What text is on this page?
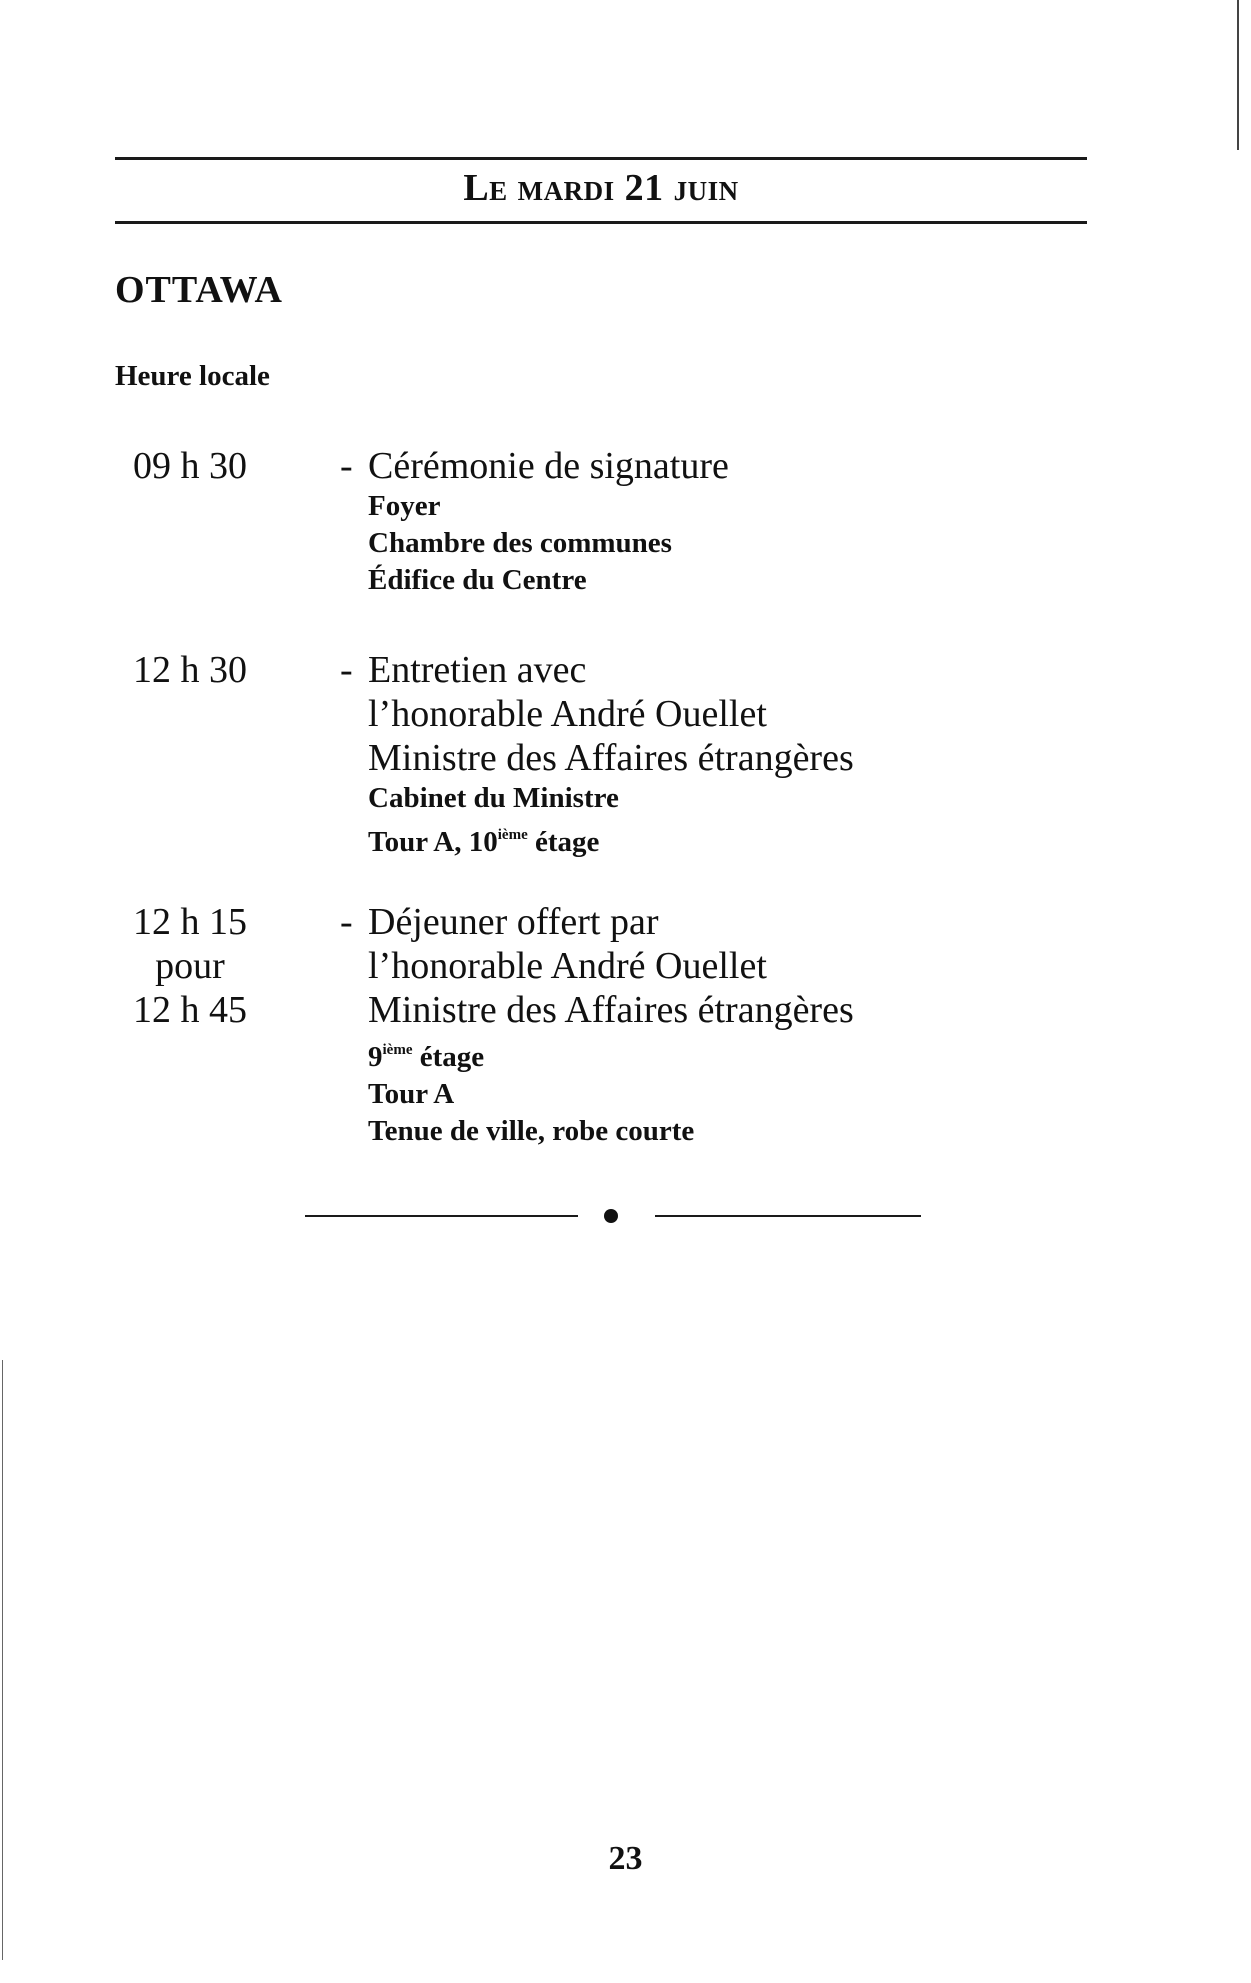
Le mardi 21 juin
OTTAWA
Heure locale
09 h 30	- Cérémonie de signature
Foyer
Chambre des communes
Édifice du Centre
12 h 30	- Entretien avec
l’honorable André Ouellet
Ministre des Affaires étrangères
Cabinet du Ministre
Tour A, 10ième étage
12 h 15
pour
12 h 45
- Déjeuner offert par
l’honorable André Ouellet
Ministre des Affaires étrangères
9ième étage
Tour A
Tenue de ville, robe courte
23
